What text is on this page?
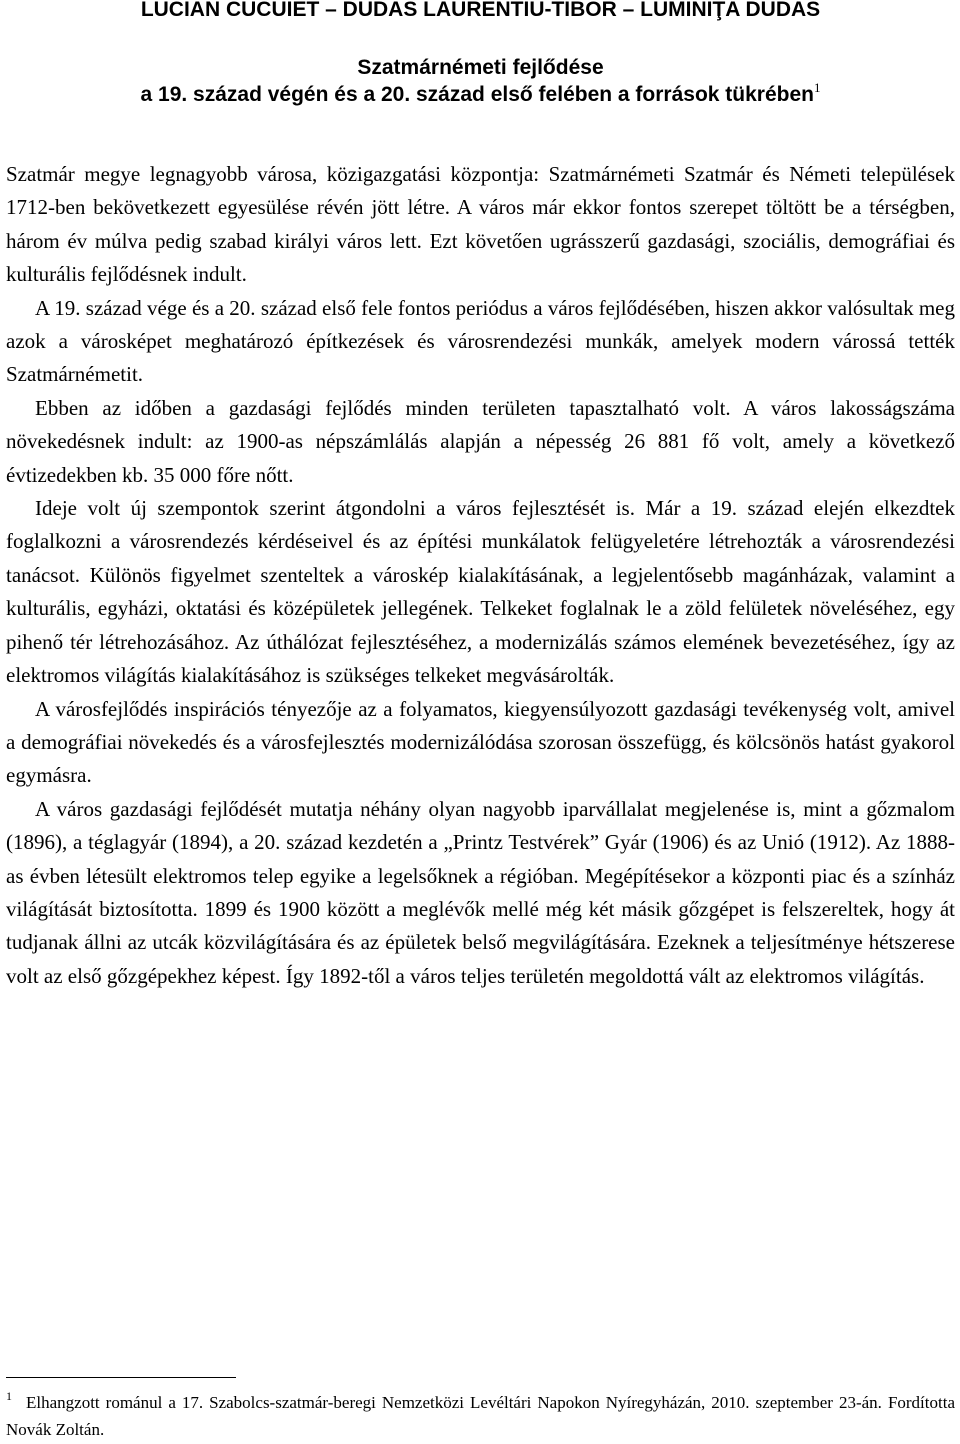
LUCIAN CUCUIET – DUDAS LAURENTIU-TIBOR – LUMINIŢA DUDAS

Szatmárnémeti fejlődése
a 19. század végén és a 20. század első felében a források tükrében$^1$

Szatmár megye legnagyobb városa, közigazgatási központja: Szatmárnémeti Szatmár és Németi települések 1712-ben bekövetkezett egyesülése révén jött létre. A város már ekkor fontos szerepet töltött be a térségben, három év múlva pedig szabad királyi város lett. Ezt követően ugrásszerű gazdasági, szociális, demográfiai és kulturális fejlődésnek indult.

A 19. század vége és a 20. század első fele fontos periódus a város fejlődésében, hiszen akkor valósultak meg azok a városképet meghatározó építkezések és városrendezési munkák, amelyek modern várossá tették Szatmárnémetit.

Ebben az időben a gazdasági fejlődés minden területen tapasztalható volt. A város lakosságszáma növekedésnek indult: az 1900-as népszámlálás alapján a népesség 26 881 fő volt, amely a következő évtizedekben kb. 35 000 főre nőtt.

Ideje volt új szempontok szerint átgondolni a város fejlesztését is. Már a 19. század elején elkezdtek foglalkozni a városrendezés kérdéseivel és az építési munkálatok felügyeletére létrehozták a városrendezési tanácsot. Különös figyelmet szenteltek a városkép kialakításának, a legjelentősebb magánházak, valamint a kulturális, egyházi, oktatási és középületek jellegének. Telkeket foglalnak le a zöld felületek növeléséhez, egy pihenő tér létrehozásához. Az úthálózat fejlesztéséhez, a modernizálás számos elemének bevezetéséhez, így az elektromos világítás kialakításához is szükséges telkeket megvásárolták.

A városfejlődés inspirációs tényezője az a folyamatos, kiegyensúlyozott gazdasági tevékenység volt, amivel a demográfiai növekedés és a városfejlesztés modernizálódása szorosan összefügg, és kölcsönös hatást gyakorol egymásra.

A város gazdasági fejlődését mutatja néhány olyan nagyobb iparvállalat megjelenése is, mint a gőzmalom (1896), a téglagyár (1894), a 20. század kezdetén a „Printz Testvérek” Gyár (1906) és az Unió (1912). Az 1888-as évben létesült elektromos telep egyike a legelsőknek a régióban. Megépítésekor a központi piac és a színház világítását biztosította. 1899 és 1900 között a meglévők mellé még két másik gőzgépet is felszereltek, hogy át tudjanak állni az utcák közvilágítására és az épületek belső megvilágítására. Ezeknek a teljesítménye hétszerese volt az első gőzgépekhez képest. Így 1892-től a város teljes területén megoldottá vált az elektromos világítás.

$^1$ Elhangzott románul a 17. Szabolcs-szatmár-beregi Nemzetközi Levéltári Napokon Nyíregyházán, 2010. szeptember 23-án. Fordította Novák Zoltán.
